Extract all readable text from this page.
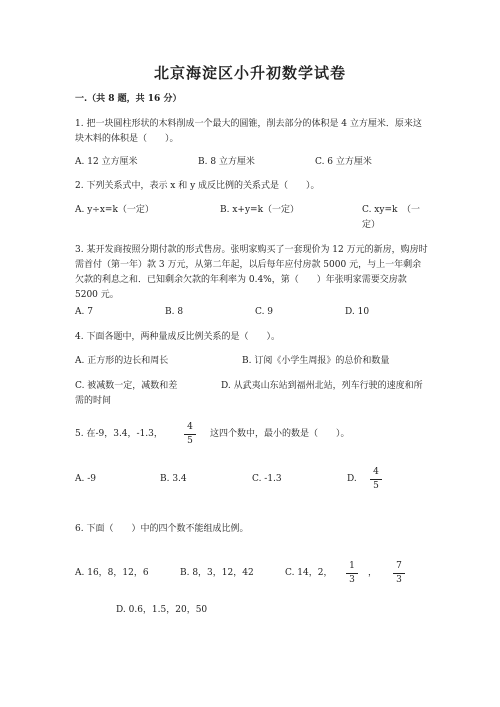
北京海淀区小升初数学试卷
一.（共 8 题，共 16 分）
1. 把一块圆柱形状的木料削成一个最大的圆锥，削去部分的体积是 4 立方厘米．原来这块木料的体积是（　　）。
A. 12 立方厘米	B. 8 立方厘米	C. 6 立方厘米
2. 下列关系式中，表示 x 和 y 成反比例的关系式是（　　）。
A. y÷x=k（一定）	B. x+y=k（一定）	C. xy=k　（一定）
3. 某开发商按照分期付款的形式售房。张明家购买了一套现价为 12 万元的新房，购房时需首付（第一年）款 3 万元，从第二年起，以后每年应付房款 5000 元，与上一年剩余欠款的利息之和．已知剩余欠款的年利率为 0.4%，第（　　）年张明家需要交房款 5200 元。
A. 7	B. 8	C. 9	D. 10
4. 下面各题中，两种量成反比例关系的是（　　）。
A. 正方形的边长和周长	B. 订阅《小学生周报》的总价和数量
C. 被减数一定，减数和差	D. 从武夷山东站到福州北站，列车行驶的速度和所需的时间
5. 在-9，3.4，-1.3，
4
5
这四个数中，最小的数是（　　）。
A. -9	B. 3.4	C. -1.3	D.
4
5
6. 下面（　　）中的四个数不能组成比例。
A. 16，8，12，6	B. 8，3，12，42	C. 14，2，
1
3
，
7
3
D. 0.6，1.5，20，50
